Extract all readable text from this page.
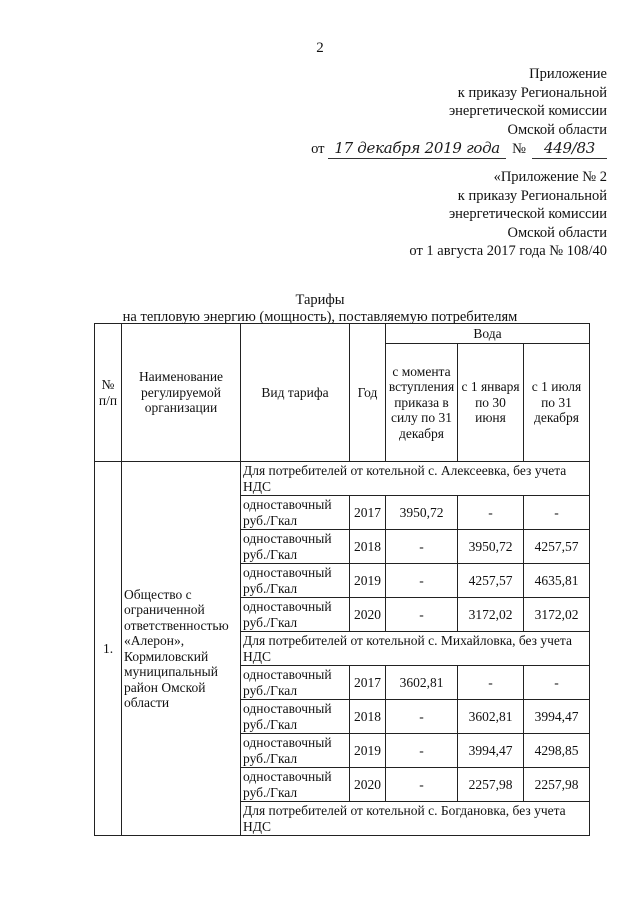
2
Приложение
к приказу Региональной
энергетической комиссии
Омской области
от 17 декабря 2019 года № 449/83
«Приложение № 2
к приказу Региональной
энергетической комиссии
Омской области
от 1 августа 2017 года № 108/40
Тарифы
на тепловую энергию (мощность), поставляемую потребителям
№ п/п	Наименование регулируемой организации	Вид тарифа	Год	Вода		
				с момента вступления приказа в силу по 31 декабря	с 1 января по 30 июня	с 1 июля по 31 декабря
1.	Общество с ограниченной ответственностью «Алерон», Кормиловский муниципальный район Омской области	Для потребителей от котельной с. Алексеевка, без учета НДС				
		одноставочный руб./Гкал	2017	3950,72	-	-
		одноставочный руб./Гкал	2018	-	3950,72	4257,57
		одноставочный руб./Гкал	2019	-	4257,57	4635,81
		одноставочный руб./Гкал	2020	-	3172,02	3172,02
		Для потребителей от котельной с. Михайловка, без учета НДС				
		одноставочный руб./Гкал	2017	3602,81	-	-
		одноставочный руб./Гкал	2018	-	3602,81	3994,47
		одноставочный руб./Гкал	2019	-	3994,47	4298,85
		одноставочный руб./Гкал	2020	-	2257,98	2257,98
		Для потребителей от котельной с. Богдановка, без учета НДС				
